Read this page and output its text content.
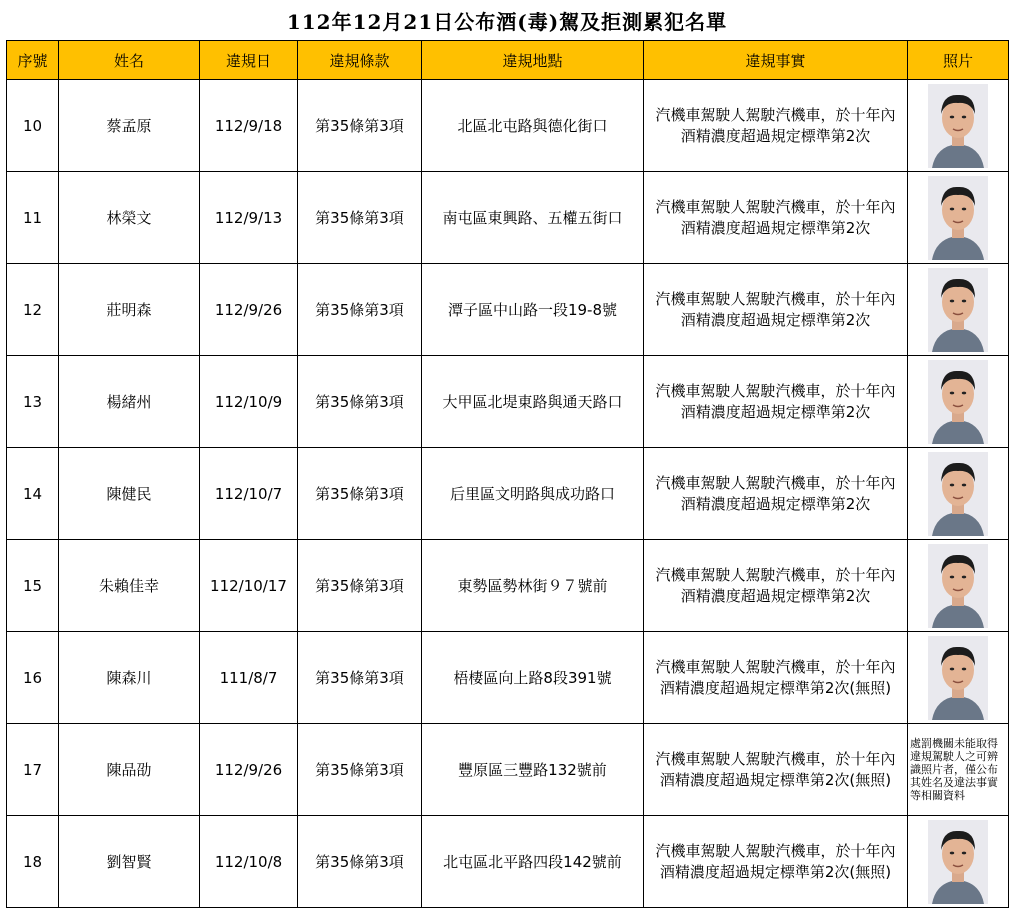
112年12月21日公布酒(毒)駕及拒測累犯名單
序號	姓名	違規日	違規條款	違規地點	違規事實	照片
10	蔡孟原	112/9/18	第35條第3項	北區北屯路與德化街口	汽機車駕駛人駕駛汽機車，於十年內
酒精濃度超過規定標準第2次

11	林榮文	112/9/13	第35條第3項	南屯區東興路、五權五街口	汽機車駕駛人駕駛汽機車，於十年內
酒精濃度超過規定標準第2次

12	莊明森	112/9/26	第35條第3項	潭子區中山路一段19-8號	汽機車駕駛人駕駛汽機車，於十年內
酒精濃度超過規定標準第2次

13	楊緒州	112/10/9	第35條第3項	大甲區北堤東路與通天路口	汽機車駕駛人駕駛汽機車，於十年內
酒精濃度超過規定標準第2次

14	陳健民	112/10/7	第35條第3項	后里區文明路與成功路口	汽機車駕駛人駕駛汽機車，於十年內
酒精濃度超過規定標準第2次

15	朱賴佳幸	112/10/17	第35條第3項	東勢區勢林街９７號前	汽機車駕駛人駕駛汽機車，於十年內
酒精濃度超過規定標準第2次

16	陳森川	111/8/7	第35條第3項	梧棲區向上路8段391號	汽機車駕駛人駕駛汽機車，於十年內
酒精濃度超過規定標準第2次(無照)

17	陳品劭	112/9/26	第35條第3項	豐原區三豐路132號前	汽機車駕駛人駕駛汽機車，於十年內
酒精濃度超過規定標準第2次(無照)	處罰機關未能取得違規駕駛人之可辨識照片者，僅公布 其姓名及違法事實等相關資料

18	劉智賢	112/10/8	第35條第3項	北屯區北平路四段142號前	汽機車駕駛人駕駛汽機車，於十年內
酒精濃度超過規定標準第2次(無照)
